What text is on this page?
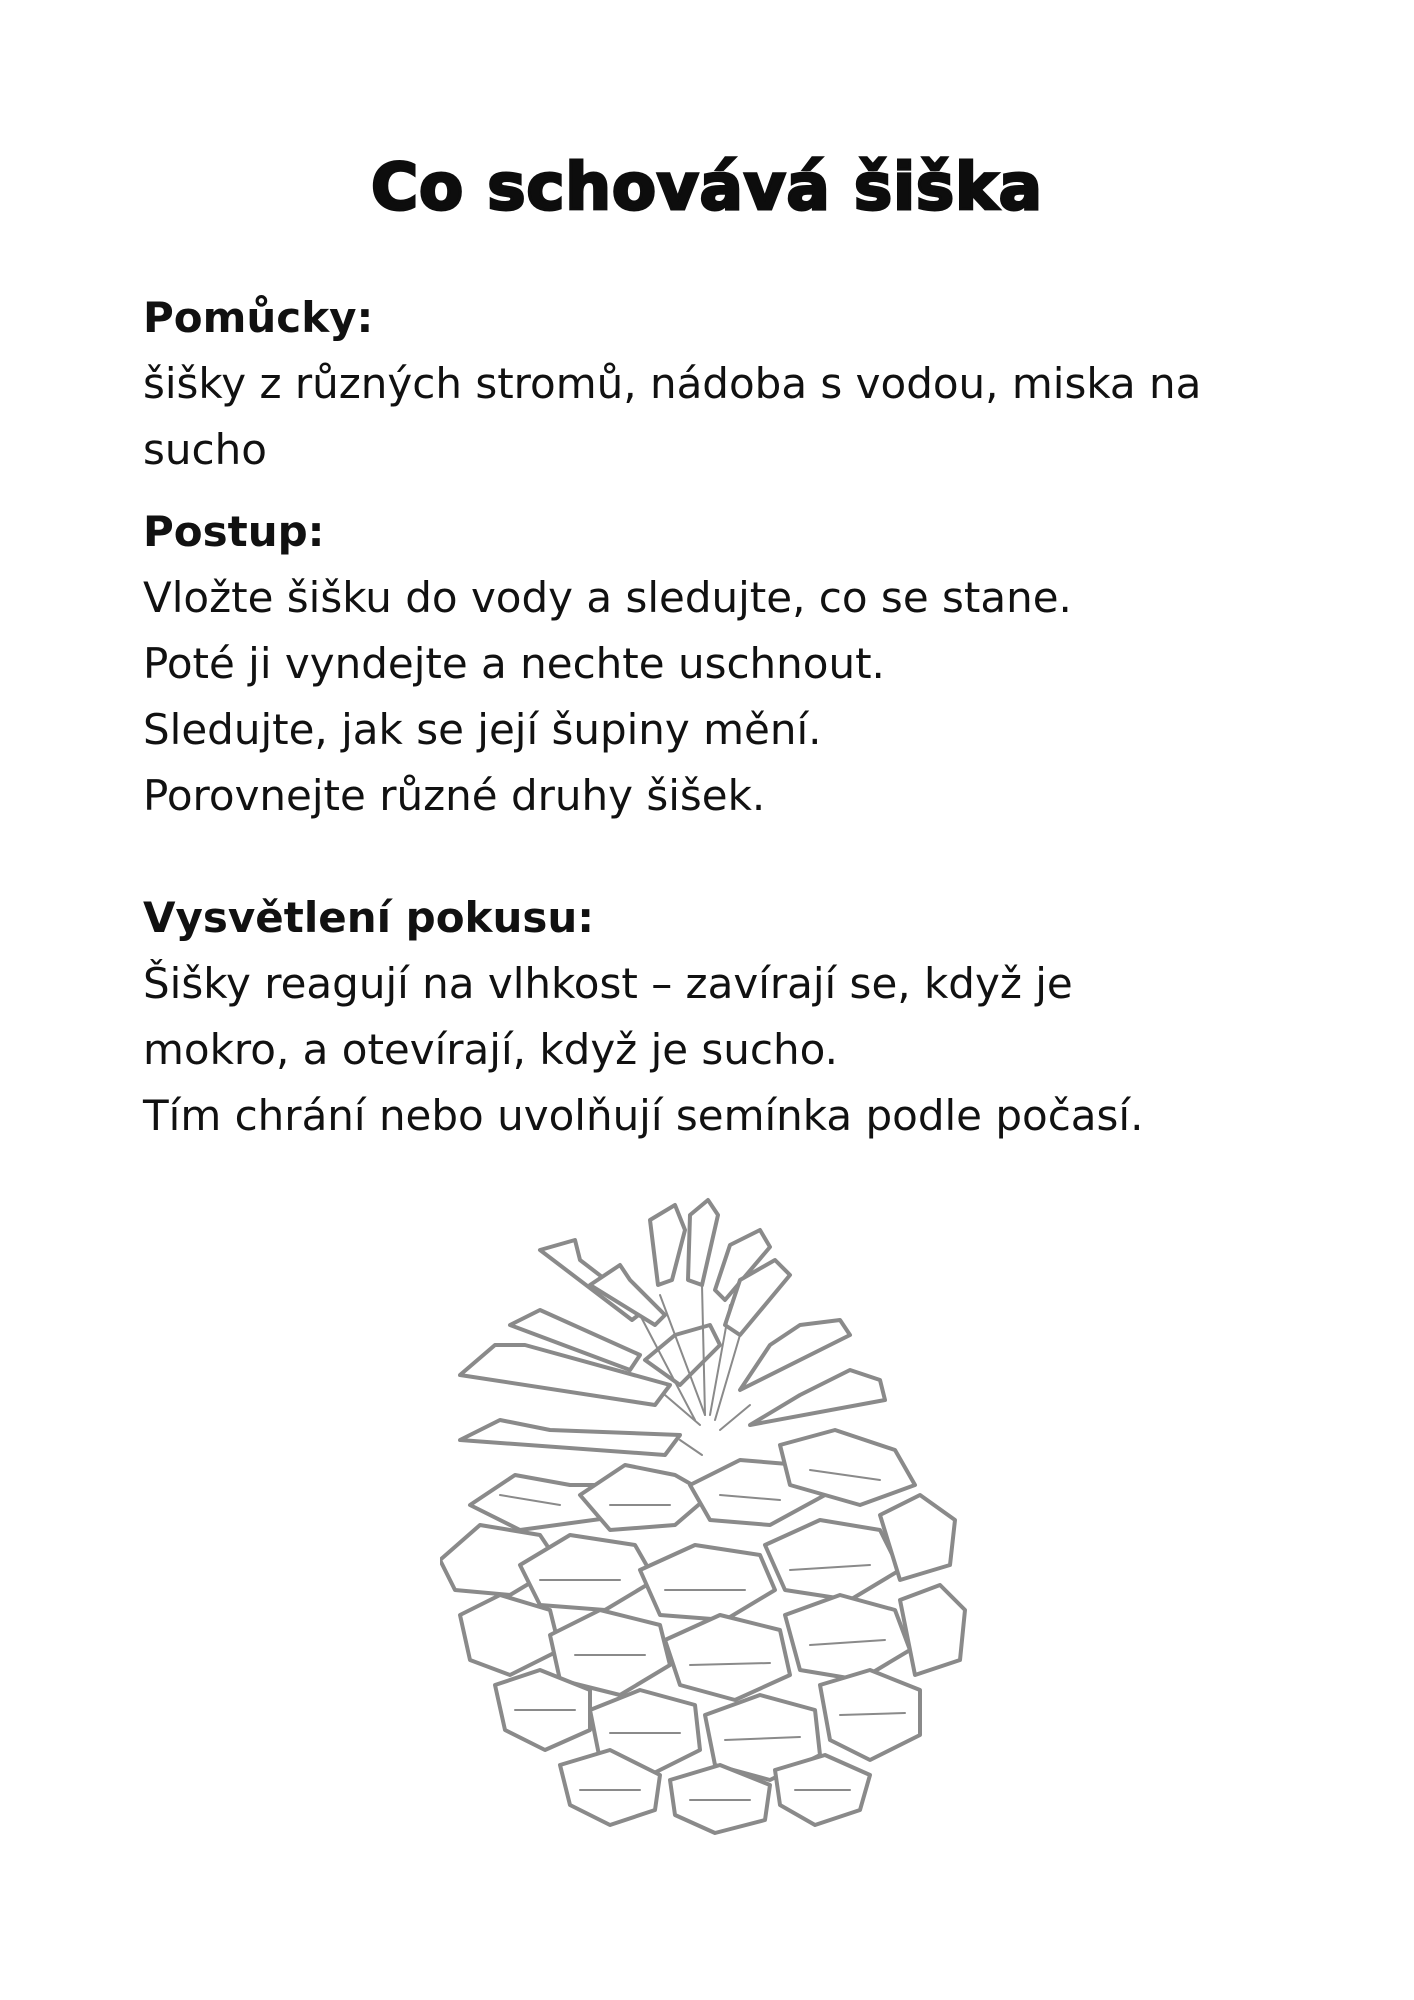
Co schovává šiška

Pomůcky:

šišky z různých stromů, nádoba s vodou, miska na

sucho

Postup:

Vložte šišku do vody a sledujte, co se stane.

Poté ji vyndejte a nechte uschnout.

Sledujte, jak se její šupiny mění.

Porovnejte různé druhy šišek.

Vysvětlení pokusu:

Šišky reagují na vlhkost – zavírají se, když je

mokro, a otevírají, když je sucho.

Tím chrání nebo uvolňují semínka podle počasí.
